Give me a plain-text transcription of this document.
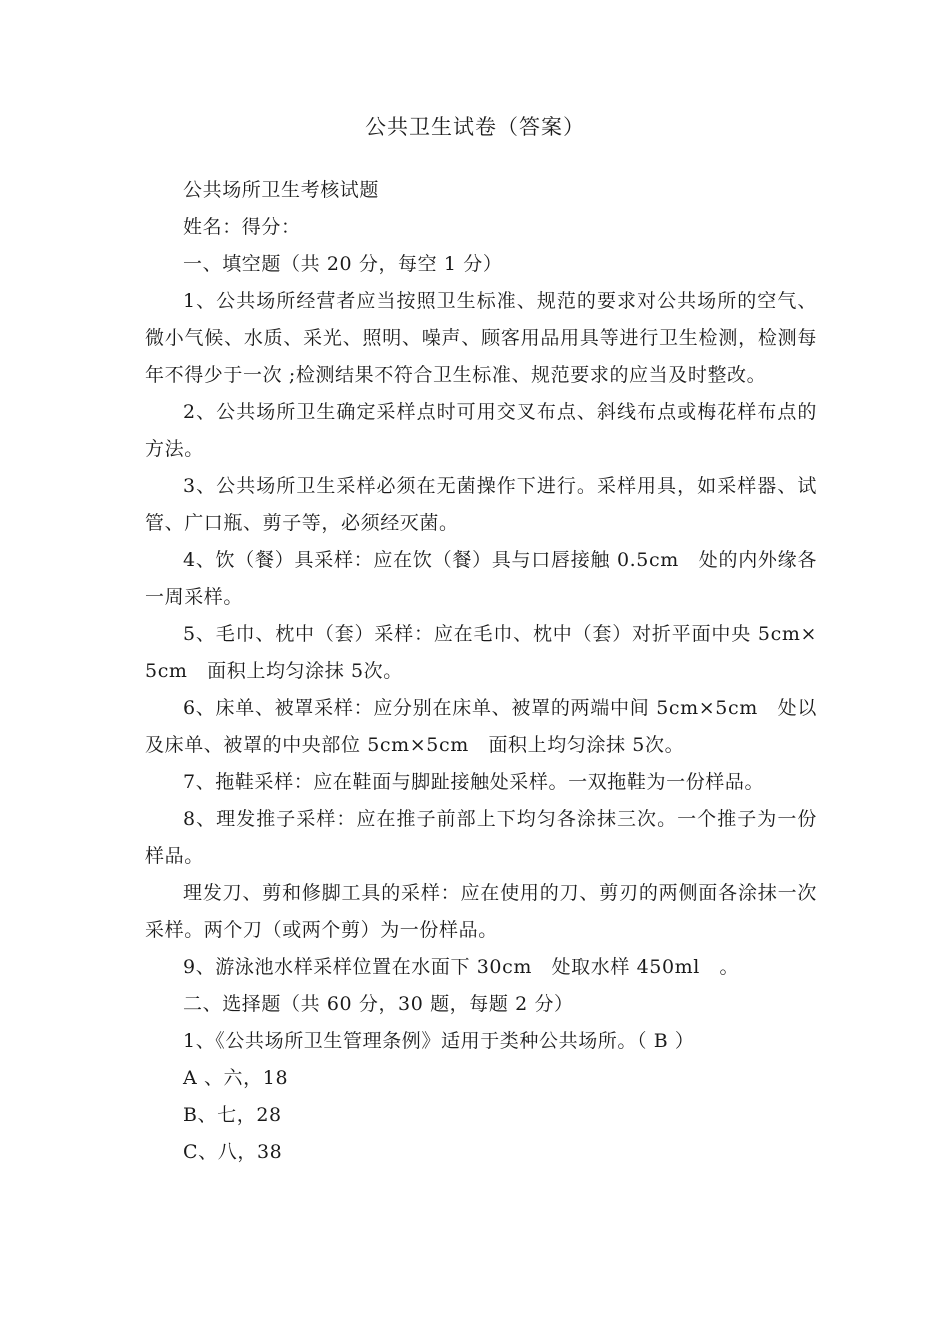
公共卫生试卷（答案）

公共场所卫生考核试题

姓名：得分：

一、填空题（共 20 分，每空 1 分）

1、公共场所经营者应当按照卫生标准、规范的要求对公共场所的空气、微小气候、水质、采光、照明、噪声、顾客用品用具等进行卫生检测，检测每年不得少于一次 ;检测结果不符合卫生标准、规范要求的应当及时整改。

2、公共场所卫生确定采样点时可用交叉布点、斜线布点或梅花样布点的方法。

3、公共场所卫生采样必须在无菌操作下进行。采样用具，如采样器、试管、广口瓶、剪子等，必须经灭菌。

4、饮（餐）具采样：应在饮（餐）具与口唇接触 0.5cm　处的内外缘各一周采样。

5、毛巾、枕中（套）采样：应在毛巾、枕中（套）对折平面中央 5cm×5cm　面积上均匀涂抹 5次。

6、床单、被罩采样：应分别在床单、被罩的两端中间 5cm×5cm　处以及床单、被罩的中央部位 5cm×5cm　面积上均匀涂抹 5次。

7、拖鞋采样：应在鞋面与脚趾接触处采样。一双拖鞋为一份样品。

8、理发推子采样：应在推子前部上下均匀各涂抹三次。一个推子为一份样品。

理发刀、剪和修脚工具的采样：应在使用的刀、剪刃的两侧面各涂抹一次采样。两个刀（或两个剪）为一份样品。

9、游泳池水样采样位置在水面下 30cm　处取水样 450ml　。

二、选择题（共 60 分，30 题，每题 2 分）

1、《公共场所卫生管理条例》适用于类种公共场所。（ B ）

A 、六，18

B、七，28

C、八，38
